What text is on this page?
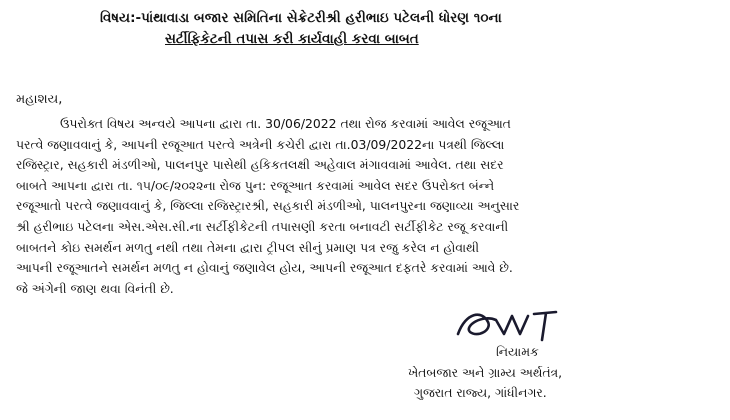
વિષય:-પાંથાવાડા બજાર સમિતિના સેક્રેટરીશ્રી હરીભાઇ પટેલની ધોરણ ૧૦ના
સર્ટીફિકેટની તપાસ કરી કાર્યવાહી કરવા બાબત
મહાશય,
ઉપરોક્ત વિષય અન્વયે આપના દ્વારા તા. 30/06/2022 તથા રોજ કરવામાં આવેલ રજૂઆત
પરત્વે જણાવવાનું કે, આપની રજૂઆત પરત્વે અત્રેની કચેરી દ્વારા તા.03/09/2022ના પત્રથી જિલ્લા
રજિસ્ટ્રાર, સહકારી મંડળીઓ, પાલનપુર પાસેથી હકિકતલક્ષી અહેવાલ મંગાવવામાં આવેલ. તથા સદર
બાબતે આપના દ્વારા તા. ૧૫/૦૯/૨૦૨૨ના રોજ પુન: રજૂઆત કરવામાં આવેલ સદર ઉપરોક્ત બંન્ને
રજૂઆતો પરત્વે જણાવવાનું કે, જિલ્લા રજિસ્ટ્રારશ્રી, સહકારી મંડળીઓ, પાલનપુરના જણાવ્યા અનુસાર
શ્રી હરીભાઇ પટેલના એસ.એસ.સી.ના સર્ટીફીકેટની તપાસણી કરતા બનાવટી સર્ટીફીકેટ રજૂ કરવાની
બાબતને કોઇ સમર્થન મળતુ નથી તથા તેમના દ્વારા ટ્રીપલ સીનું પ્રમાણ પત્ર રજુ કરેલ ન હોવાથી
આપની રજૂઆતને સમર્થન મળતુ ન હોવાનું જણાવેલ હોય, આપની રજૂઆત દફતરે કરવામાં આવે છે.
જે અંગેની જાણ થવા વિનંતી છે.
નિયામક
ખેતબજાર અને ગ્રામ્ય અર્થતંત્ર,
ગુજરાત રાજ્ય, ગાંધીનગર.
